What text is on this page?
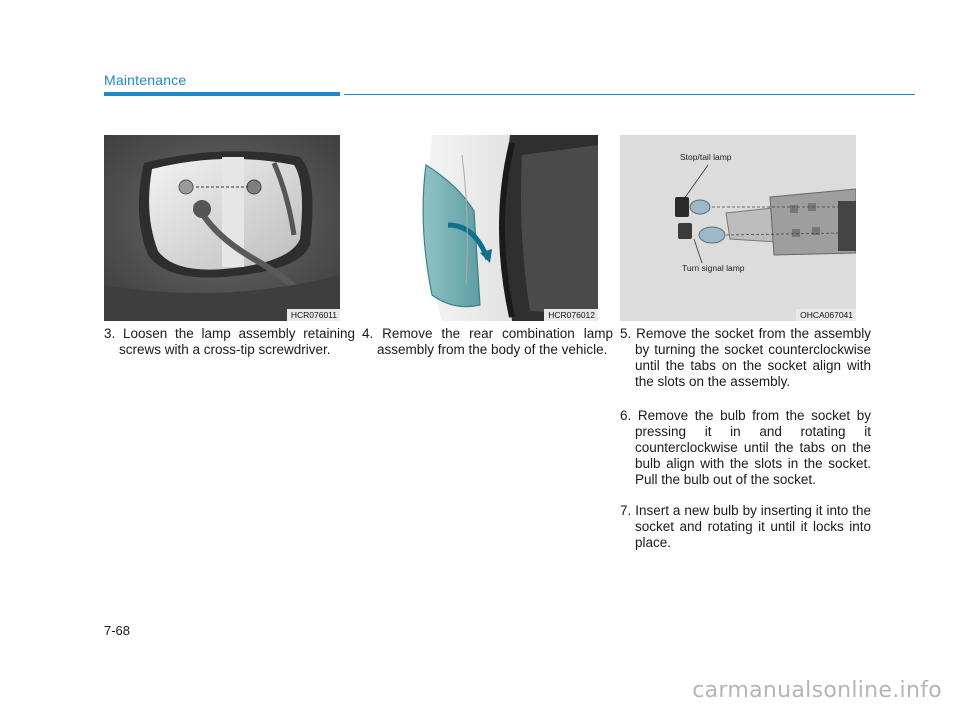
Maintenance
HCR076011	HCR076012
Stop/tail lamp
Turn signal lamp
OHCA067041
3. Loosen the lamp assembly retaining screws with a cross-tip screwdriver.
4. Remove the rear combination lamp assembly from the body of the vehicle.
5. Remove the socket from the assembly by turning the socket counterclockwise until the tabs on the socket align with the slots on the assembly.
6. Remove the bulb from the socket by pressing it in and rotating it counterclockwise until the tabs on the bulb align with the slots in the socket. Pull the bulb out of the socket.
7. Insert a new bulb by inserting it into the socket and rotating it until it locks into place.
7-68
carmanualsonline.info
